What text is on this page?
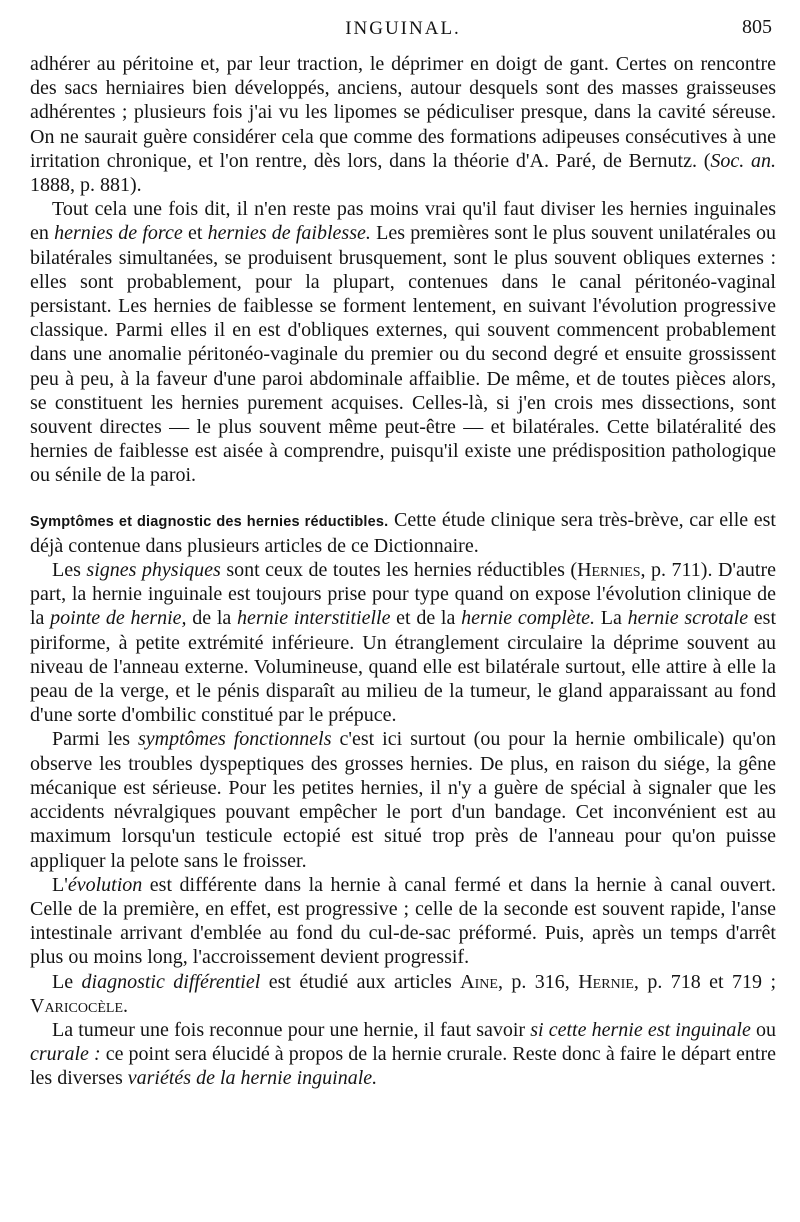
INGUINAL.	805

adhérer au péritoine et, par leur traction, le déprimer en doigt de gant. Certes on rencontre des sacs herniaires bien développés, anciens, autour desquels sont des masses graisseuses adhérentes ; plusieurs fois j'ai vu les lipomes se pédiculiser presque, dans la cavité séreuse. On ne saurait guère considérer cela que comme des formations adipeuses consécutives à une irritation chronique, et l'on rentre, dès lors, dans la théorie d'A. Paré, de Bernutz. (Soc. an. 1888, p. 881).

Tout cela une fois dit, il n'en reste pas moins vrai qu'il faut diviser les hernies inguinales en hernies de force et hernies de faiblesse. Les premières sont le plus souvent unilatérales ou bilatérales simultanées, se produisent brusquement, sont le plus souvent obliques externes : elles sont probablement, pour la plupart, contenues dans le canal péritonéo-vaginal persistant. Les hernies de faiblesse se forment lentement, en suivant l'évolution progressive classique. Parmi elles il en est d'obliques externes, qui souvent commencent probablement dans une anomalie péritonéo-vaginale du premier ou du second degré et ensuite grossissent peu à peu, à la faveur d'une paroi abdominale affaiblie. De même, et de toutes pièces alors, se constituent les hernies purement acquises. Celles-là, si j'en crois mes dissections, sont souvent directes — le plus souvent même peut-être — et bilatérales. Cette bilatéralité des hernies de faiblesse est aisée à comprendre, puisqu'il existe une prédisposition pathologique ou sénile de la paroi.

Symptômes et diagnostic des hernies réductibles. Cette étude clinique sera très-brève, car elle est déjà contenue dans plusieurs articles de ce Dictionnaire.

Les signes physiques sont ceux de toutes les hernies réductibles (Hernies, p. 711). D'autre part, la hernie inguinale est toujours prise pour type quand on expose l'évolution clinique de la pointe de hernie, de la hernie interstitielle et de la hernie complète. La hernie scrotale est piriforme, à petite extrémité inférieure. Un étranglement circulaire la déprime souvent au niveau de l'anneau externe. Volumineuse, quand elle est bilatérale surtout, elle attire à elle la peau de la verge, et le pénis disparaît au milieu de la tumeur, le gland apparaissant au fond d'une sorte d'ombilic constitué par le prépuce.

Parmi les symptômes fonctionnels c'est ici surtout (ou pour la hernie ombilicale) qu'on observe les troubles dyspeptiques des grosses hernies. De plus, en raison du siége, la gêne mécanique est sérieuse. Pour les petites hernies, il n'y a guère de spécial à signaler que les accidents névralgiques pouvant empêcher le port d'un bandage. Cet inconvénient est au maximum lorsqu'un testicule ectopié est situé trop près de l'anneau pour qu'on puisse appliquer la pelote sans le froisser.

L'évolution est différente dans la hernie à canal fermé et dans la hernie à canal ouvert. Celle de la première, en effet, est progressive ; celle de la seconde est souvent rapide, l'anse intestinale arrivant d'emblée au fond du cul-de-sac préformé. Puis, après un temps d'arrêt plus ou moins long, l'accroissement devient progressif.

Le diagnostic différentiel est étudié aux articles Aine, p. 316, Hernie, p. 718 et 719 ; Varicocèle.

La tumeur une fois reconnue pour une hernie, il faut savoir si cette hernie est inguinale ou crurale : ce point sera élucidé à propos de la hernie crurale. Reste donc à faire le départ entre les diverses variétés de la hernie inguinale.
